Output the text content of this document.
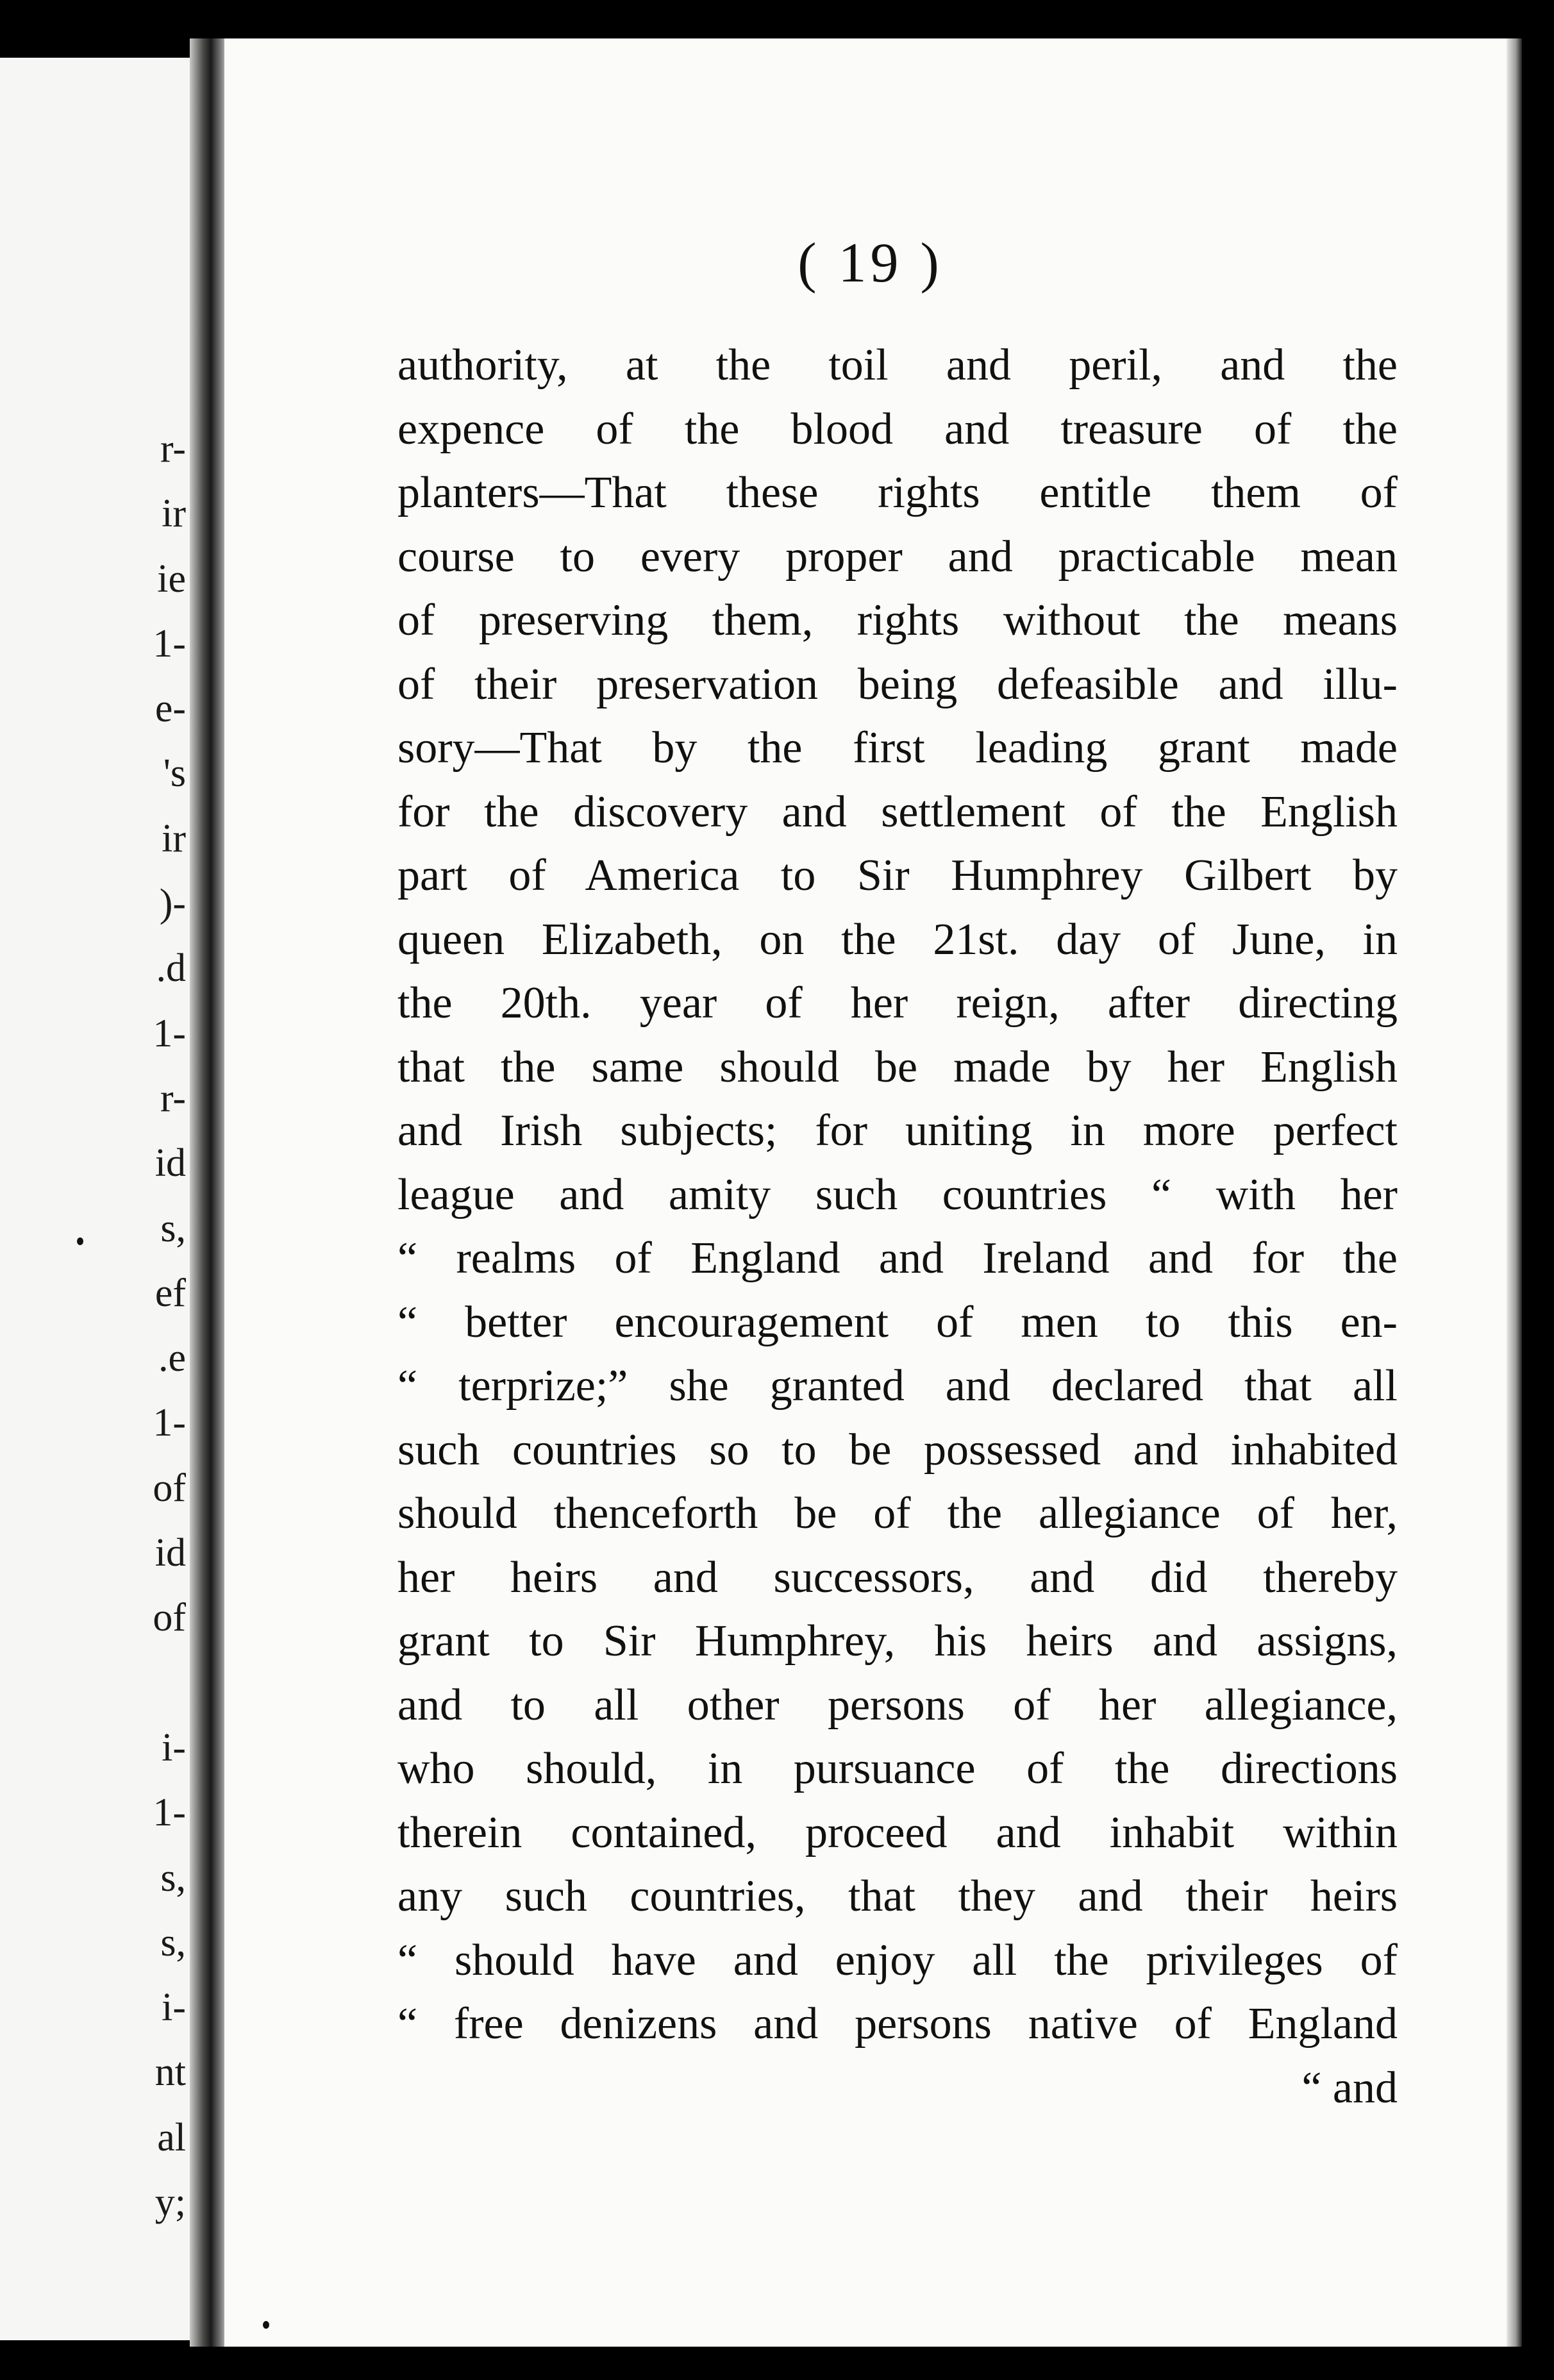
r-
ir
ie
1-
e-
's
ir
)-
.d
1-
r-
id
s,
ef
.e
1-
of
id
of
i-
1-
s,
s,
i-
nt
al
y;
( 19 )
authority, at the toil and peril, and the
expence of the blood and treasure of the
planters—That these rights entitle them of
course to every proper and practicable mean
of preserving them, rights without the means
of their preservation being defeasible and illu-
sory—That by the first leading grant made
for the discovery and settlement of the English
part of America to Sir Humphrey Gilbert by
queen Elizabeth, on the 21st. day of June, in
the 20th. year of her reign, after directing
that the same should be made by her English
and Irish subjects; for uniting in more perfect
league and amity such countries “ with her
“ realms of England and Ireland and for the
“ better encouragement of men to this en-
“ terprize;” she granted and declared that all
such countries so to be possessed and inhabited
should thenceforth be of the allegiance of her,
her heirs and successors, and did thereby
grant to Sir Humphrey, his heirs and assigns,
and to all other persons of her allegiance,
who should, in pursuance of the directions
therein contained, proceed and inhabit within
any such countries, that they and their heirs
“ should have and enjoy all the privileges of
“ free denizens and persons native of England
“ and
